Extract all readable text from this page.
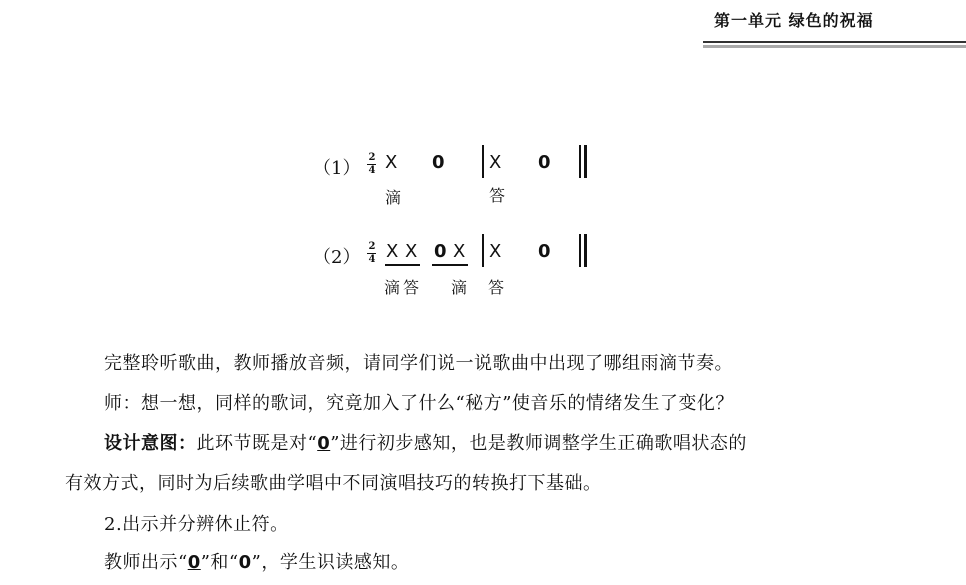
第一单元 绿色的祝福
（1）
2
4 X 0 X 0
滴	答
（2）
2
4 X X 0 X X 0
滴 答 滴 答
完整聆听歌曲，教师播放音频，请同学们说一说歌曲中出现了哪组雨滴节奏。
师：想一想，同样的歌词，究竟加入了什么“秘方”使音乐的情绪发生了变化？
设计意图：此环节既是对“0”进行初步感知，也是教师调整学生正确歌唱状态的
有效方式，同时为后续歌曲学唱中不同演唱技巧的转换打下基础。
2.出示并分辨休止符。
教师出示“0”和“0”，学生识读感知。
